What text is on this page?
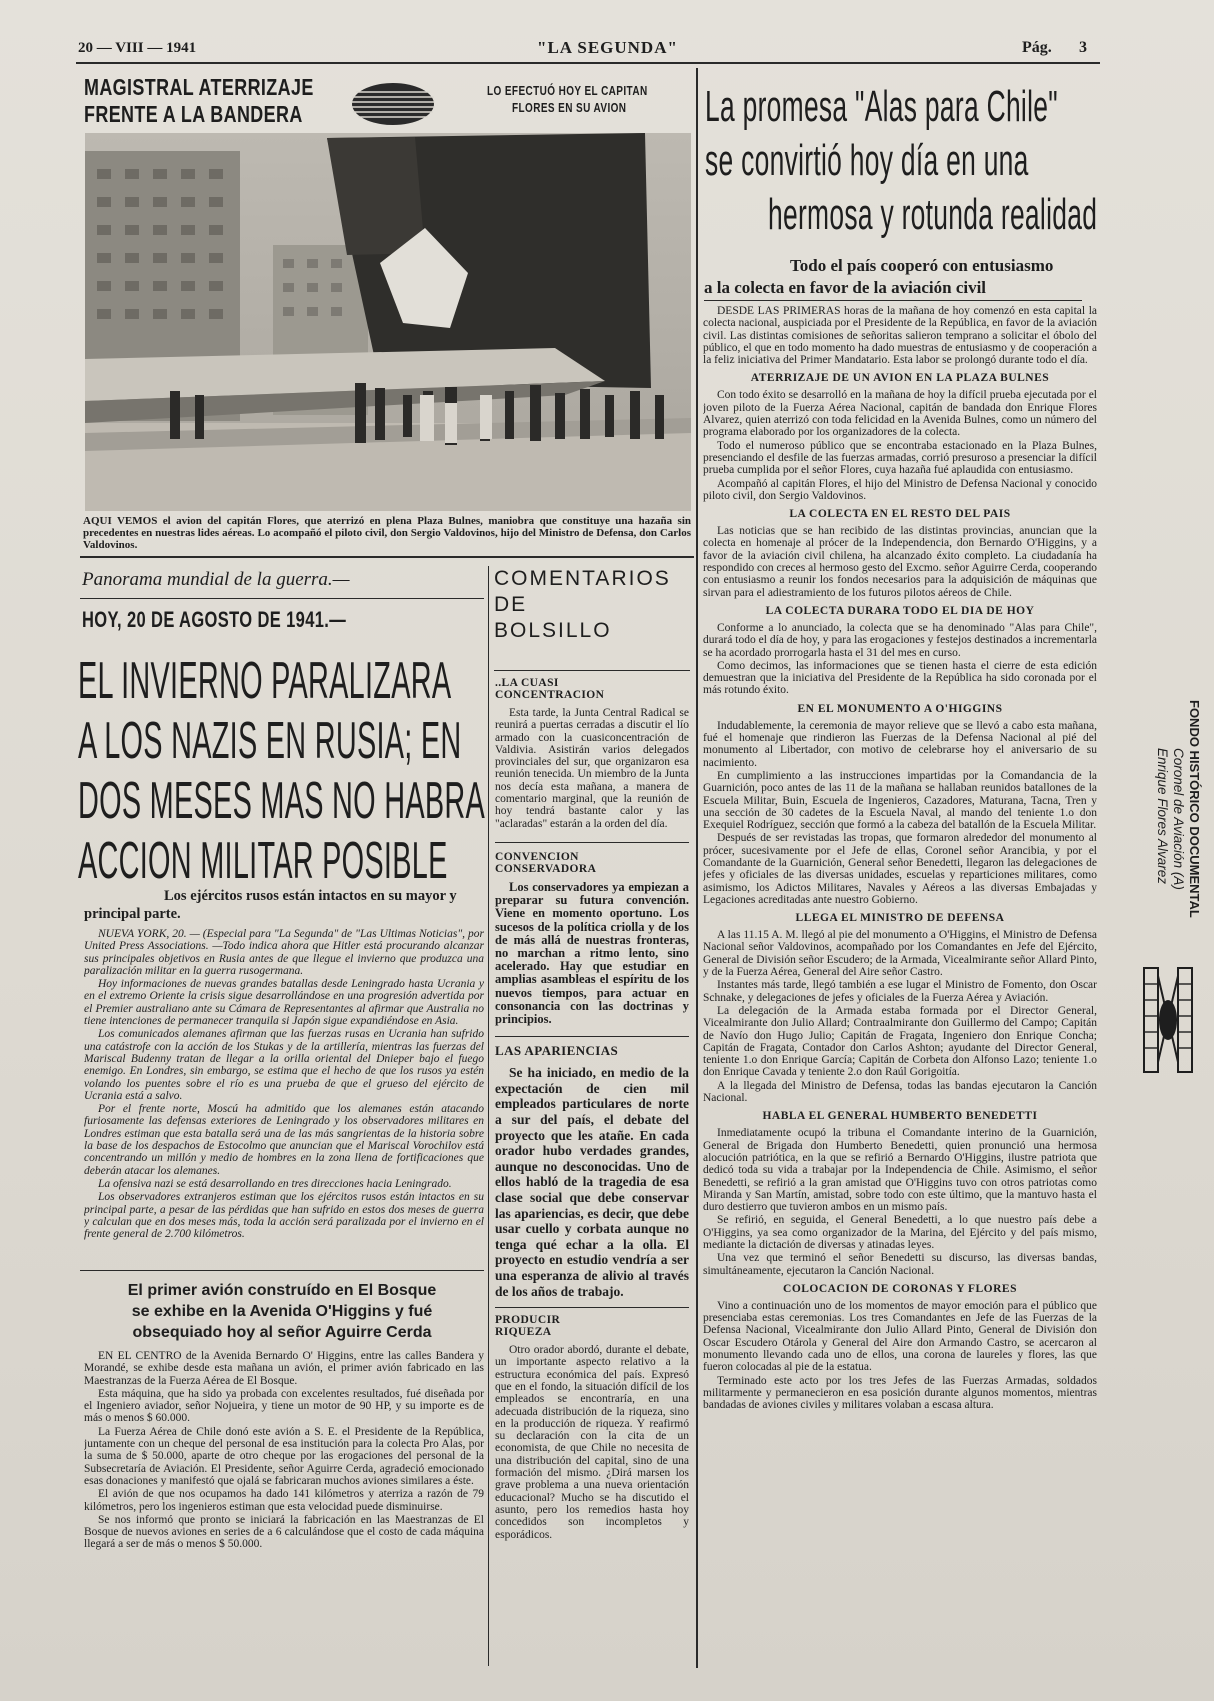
20 — VIII — 1941	"LA SEGUNDA"	Pág. 3
MAGISTRAL ATERRIZAJE
FRENTE A LA BANDERA
LO EFECTUÓ HOY EL CAPITAN
FLORES EN SU AVION

AQUI VEMOS el avion del capitán Flores, que aterrizó en plena Plaza Bulnes, maniobra que constituye una hazaña sin precedentes en nuestras lides aéreas. Lo acompañó el piloto civil, don Sergio Valdovinos, hijo del Ministro de Defensa, don Carlos Valdovinos.

La promesa "Alas para Chile"
se convirtió hoy día en una
hermosa y rotunda realidad
Todo el país cooperó con entusiasmo
a la colecta en favor de la aviación civil

DESDE LAS PRIMERAS horas de la mañana de hoy comenzó en esta capital la colecta nacional, auspiciada por el Presidente de la República, en favor de la aviación civil. Las distintas comisiones de señoritas salieron temprano a solicitar el óbolo del público, el que en todo momento ha dado muestras de entusiasmo y de cooperación a la feliz iniciativa del Primer Mandatario. Esta labor se prolongó durante todo el día.

ATERRIZAJE DE UN AVION EN LA PLAZA BULNES

Con todo éxito se desarrolló en la mañana de hoy la difícil prueba ejecutada por el joven piloto de la Fuerza Aérea Nacional, capitán de bandada don Enrique Flores Alvarez, quien aterrizó con toda felicidad en la Avenida Bulnes, como un número del programa elaborado por los organizadores de la colecta.

Todo el numeroso público que se encontraba estacionado en la Plaza Bulnes, presenciando el desfile de las fuerzas armadas, corrió presuroso a presenciar la difícil prueba cumplida por el señor Flores, cuya hazaña fué aplaudida con entusiasmo.

Acompañó al capitán Flores, el hijo del Ministro de Defensa Nacional y conocido piloto civil, don Sergio Valdovinos.

LA COLECTA EN EL RESTO DEL PAIS

Las noticias que se han recibido de las distintas provincias, anuncian que la colecta en homenaje al prócer de la Independencia, don Bernardo O'Higgins, y a favor de la aviación civil chilena, ha alcanzado éxito completo. La ciudadanía ha respondido con creces al hermoso gesto del Excmo. señor Aguirre Cerda, cooperando con entusiasmo a reunir los fondos necesarios para la adquisición de máquinas que sirvan para el adiestramiento de los futuros pilotos aéreos de Chile.

LA COLECTA DURARA TODO EL DIA DE HOY

Conforme a lo anunciado, la colecta que se ha denominado "Alas para Chile", durará todo el día de hoy, y para las erogaciones y festejos destinados a incrementarla se ha acordado prorrogarla hasta el 31 del mes en curso.

Como decimos, las informaciones que se tienen hasta el cierre de esta edición demuestran que la iniciativa del Presidente de la República ha sido coronada por el más rotundo éxito.

EN EL MONUMENTO A O'HIGGINS

Indudablemente, la ceremonia de mayor relieve que se llevó a cabo esta mañana, fué el homenaje que rindieron las Fuerzas de la Defensa Nacional al pié del monumento al Libertador, con motivo de celebrarse hoy el aniversario de su nacimiento.

En cumplimiento a las instrucciones impartidas por la Comandancia de la Guarnición, poco antes de las 11 de la mañana se hallaban reunidos batallones de la Escuela Militar, Buin, Escuela de Ingenieros, Cazadores, Maturana, Tacna, Tren y una sección de 30 cadetes de la Escuela Naval, al mando del teniente 1.o don Exequiel Rodríguez, sección que formó a la cabeza del batallón de la Escuela Militar.

Después de ser revistadas las tropas, que formaron alrededor del monumento al prócer, sucesivamente por el Jefe de ellas, Coronel señor Arancibia, y por el Comandante de la Guarnición, General señor Benedetti, llegaron las delegaciones de jefes y oficiales de las diversas unidades, escuelas y reparticiones militares, como asimismo, los Adictos Militares, Navales y Aéreos a las diversas Embajadas y Legaciones acreditadas ante nuestro Gobierno.

LLEGA EL MINISTRO DE DEFENSA

A las 11.15 A. M. llegó al pie del monumento a O'Higgins, el Ministro de Defensa Nacional señor Valdovinos, acompañado por los Comandantes en Jefe del Ejército, General de División señor Escudero; de la Armada, Vicealmirante señor Allard Pinto, y de la Fuerza Aérea, General del Aire señor Castro.

Instantes más tarde, llegó también a ese lugar el Ministro de Fomento, don Oscar Schnake, y delegaciones de jefes y oficiales de la Fuerza Aérea y Aviación.

La delegación de la Armada estaba formada por el Director General, Vicealmirante don Julio Allard; Contraalmirante don Guillermo del Campo; Capitán de Navío don Hugo Julio; Capitán de Fragata, Ingeniero don Enrique Concha; Capitán de Fragata, Contador don Carlos Ashton; ayudante del Director General, teniente 1.o don Enrique García; Capitán de Corbeta don Alfonso Lazo; teniente 1.o don Enrique Cavada y teniente 2.o don Raúl Gorigoitía.

A la llegada del Ministro de Defensa, todas las bandas ejecutaron la Canción Nacional.

HABLA EL GENERAL HUMBERTO BENEDETTI

Inmediatamente ocupó la tribuna el Comandante interino de la Guarnición, General de Brigada don Humberto Benedetti, quien pronunció una hermosa alocución patriótica, en la que se refirió a Bernardo O'Higgins, ilustre patriota que dedicó toda su vida a trabajar por la Independencia de Chile. Asimismo, el señor Benedetti, se refirió a la gran amistad que O'Higgins tuvo con otros patriotas como Miranda y San Martín, amistad, sobre todo con este último, que la mantuvo hasta el duro destierro que tuvieron ambos en un mismo país.

Se refirió, en seguida, el General Benedetti, a lo que nuestro país debe a O'Higgins, ya sea como organizador de la Marina, del Ejército y del país mismo, mediante la dictación de diversas y atinadas leyes.

Una vez que terminó el señor Benedetti su discurso, las diversas bandas, simultáneamente, ejecutaron la Canción Nacional.

COLOCACION DE CORONAS Y FLORES

Vino a continuación uno de los momentos de mayor emoción para el público que presenciaba estas ceremonias. Los tres Comandantes en Jefe de las Fuerzas de la Defensa Nacional, Vicealmirante don Julio Allard Pinto, General de División don Oscar Escudero Otárola y General del Aire don Armando Castro, se acercaron al monumento llevando cada uno de ellos, una corona de laureles y flores, las que fueron colocadas al pie de la estatua.

Terminado este acto por los tres Jefes de las Fuerzas Armadas, soldados militarmente y permanecieron en esa posición durante algunos momentos, mientras bandadas de aviones civiles y militares volaban a escasa altura.

Panorama mundial de la guerra.—
HOY, 20 DE AGOSTO DE 1941.—
EL INVIERNO PARALIZARA
A LOS NAZIS EN RUSIA; EN
DOS MESES MAS NO HABRA
ACCION MILITAR POSIBLE

Los ejércitos rusos están intactos en su mayor y principal parte.

NUEVA YORK, 20. — (Especial para "La Segunda" de "Las Ultimas Noticias", por United Press Associations. —Todo indica ahora que Hitler está procurando alcanzar sus principales objetivos en Rusia antes de que llegue el invierno que produzca una paralización militar en la guerra rusogermana.

Hoy informaciones de nuevas grandes batallas desde Leningrado hasta Ucrania y en el extremo Oriente la crisis sigue desarrollándose en una progresión advertida por el Premier australiano ante su Cámara de Representantes al afirmar que Australia no tiene intenciones de permanecer tranquila si Japón sigue expandiéndose en Asia.

Los comunicados alemanes afirman que las fuerzas rusas en Ucrania han sufrido una catástrofe con la acción de los Stukas y de la artillería, mientras las fuerzas del Mariscal Budenny tratan de llegar a la orilla oriental del Dnieper bajo el fuego enemigo. En Londres, sin embargo, se estima que el hecho de que los rusos ya estén volando los puentes sobre el río es una prueba de que el grueso del ejército de Ucrania está a salvo.

Por el frente norte, Moscú ha admitido que los alemanes están atacando furiosamente las defensas exteriores de Leningrado y los observadores militares en Londres estiman que esta batalla será una de las más sangrientas de la historia sobre la base de los despachos de Estocolmo que anuncian que el Mariscal Vorochilov está concentrando un millón y medio de hombres en la zona llena de fortificaciones que deberán atacar los alemanes.

La ofensiva nazi se está desarrollando en tres direcciones hacia Leningrado.

Los observadores extranjeros estiman que los ejércitos rusos están intactos en su principal parte, a pesar de las pérdidas que han sufrido en estos dos meses de guerra y calculan que en dos meses más, toda la acción será paralizada por el invierno en el frente general de 2.700 kilómetros.

El primer avión construído en El Bosque
se exhibe en la Avenida O'Higgins y fué
obsequiado hoy al señor Aguirre Cerda

EN EL CENTRO de la Avenida Bernardo O' Higgins, entre las calles Bandera y Morandé, se exhibe desde esta mañana un avión, el primer avión fabricado en las Maestranzas de la Fuerza Aérea de El Bosque.

Esta máquina, que ha sido ya probada con excelentes resultados, fué diseñada por el Ingeniero aviador, señor Nojueira, y tiene un motor de 90 HP, y su importe es de más o menos $ 60.000.

La Fuerza Aérea de Chile donó este avión a S. E. el Presidente de la República, juntamente con un cheque del personal de esa institución para la colecta Pro Alas, por la suma de $ 50.000, aparte de otro cheque por las erogaciones del personal de la Subsecretaría de Aviación. El Presidente, señor Aguirre Cerda, agradeció emocionado esas donaciones y manifestó que ojalá se fabricaran muchos aviones similares a éste.

El avión de que nos ocupamos ha dado 141 kilómetros y aterriza a razón de 79 kilómetros, pero los ingenieros estiman que esta velocidad puede disminuirse.

Se nos informó que pronto se iniciará la fabricación en las Maestranzas de El Bosque de nuevos aviones en series de a 6 calculándose que el costo de cada máquina llegará a ser de más o menos $ 50.000.

COMENTARIOS
DE
BOLSILLO
..LA CUASI
CONCENTRACION

Esta tarde, la Junta Central Radical se reunirá a puertas cerradas a discutir el lío armado con la cuasiconcentración de Valdivia. Asistirán varios delegados provinciales del sur, que organizaron esa reunión tenecida. Un miembro de la Junta nos decía esta mañana, a manera de comentario marginal, que la reunión de hoy tendrá bastante calor y las "aclaradas" estarán a la orden del día.

CONVENCION
CONSERVADORA

Los conservadores ya empiezan a preparar su futura convención. Viene en momento oportuno. Los sucesos de la política criolla y de los de más allá de nuestras fronteras, no marchan a ritmo lento, sino acelerado. Hay que estudiar en amplias asambleas el espíritu de los nuevos tiempos, para actuar en consonancia con las doctrinas y principios.

LAS APARIENCIAS

Se ha iniciado, en medio de la expectación de cien mil empleados particulares de norte a sur del país, el debate del proyecto que les atañe. En cada orador hubo verdades grandes, aunque no desconocidas. Uno de ellos habló de la tragedia de esa clase social que debe conservar las apariencias, es decir, que debe usar cuello y corbata aunque no tenga qué echar a la olla. El proyecto en estudio vendría a ser una esperanza de alivio al través de los años de trabajo.

PRODUCIR
RIQUEZA

Otro orador abordó, durante el debate, un importante aspecto relativo a la estructura económica del país. Expresó que en el fondo, la situación difícil de los empleados se encontraría, en una adecuada distribución de la riqueza, sino en la producción de riqueza. Y reafirmó su declaración con la cita de un economista, de que Chile no necesita de una distribución del capital, sino de una formación del mismo. ¿Dirá marsen los grave problema a una nueva orientación educacional? Mucho se ha discutido el asunto, pero los remedios hasta hoy concedidos son incompletos y esporádicos.

FONDO HISTÓRICO DOCUMENTAL
Coronel de Aviación (A)
Enrique Flores Alvarez
